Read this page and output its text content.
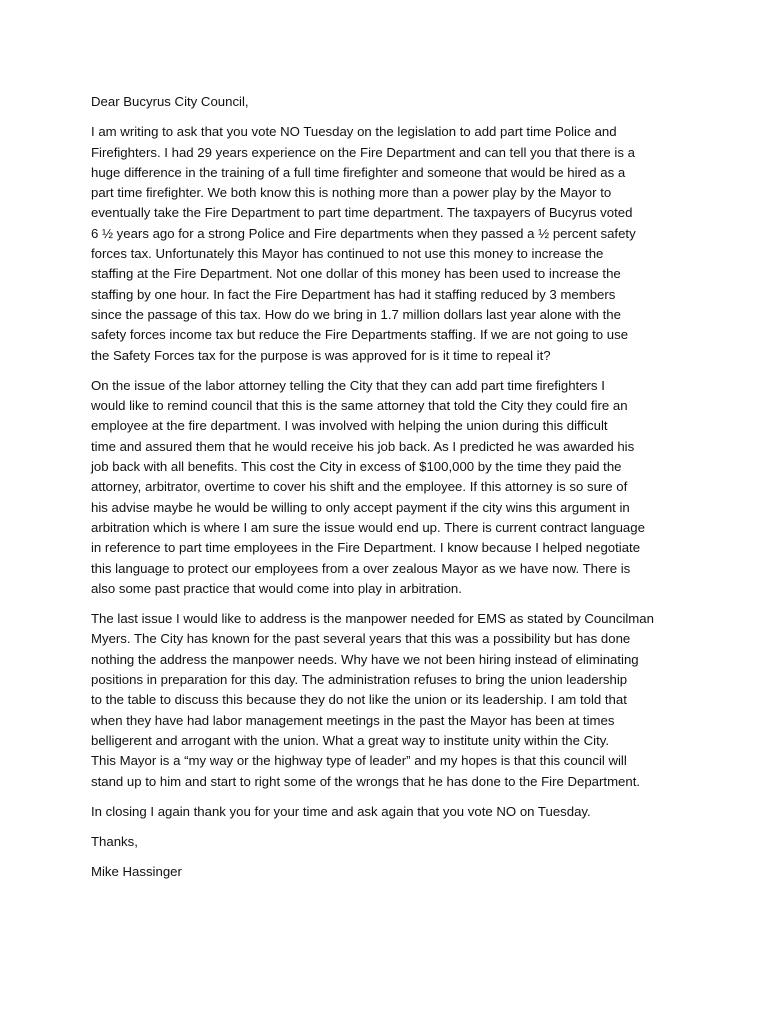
Dear Bucyrus City Council,

I am writing to ask that you vote NO Tuesday on the legislation to add part time Police and
Firefighters. I had 29 years experience on the Fire Department and can tell you that there is a
huge difference in the training of a full time firefighter and someone that would be hired as a
part time firefighter. We both know this is nothing more than a power play by the Mayor to
eventually take the Fire Department to part time department. The taxpayers of Bucyrus voted
6 ½ years ago for a strong Police and Fire departments when they passed a ½ percent safety
forces tax. Unfortunately this Mayor has continued to not use this money to increase the
staffing at the Fire Department. Not one dollar of this money has been used to increase the
staffing by one hour. In fact the Fire Department has had it staffing reduced by 3 members
since the passage of this tax. How do we bring in 1.7 million dollars last year alone with the
safety forces income tax but reduce the Fire Departments staffing. If we are not going to use
the Safety Forces tax for the purpose is was approved for is it time to repeal it?

On the issue of the labor attorney telling the City that they can add part time firefighters I
would like to remind council that this is the same attorney that told the City they could fire an
employee at the fire department. I was involved with helping the union during this difficult
time and assured them that he would receive his job back. As I predicted he was awarded his
job back with all benefits. This cost the City in excess of $100,000 by the time they paid the
attorney, arbitrator, overtime to cover his shift and the employee. If this attorney is so sure of
his advise maybe he would be willing to only accept payment if the city wins this argument in
arbitration which is where I am sure the issue would end up. There is current contract language
in reference to part time employees in the Fire Department. I know because I helped negotiate
this language to protect our employees from a over zealous Mayor as we have now. There is
also some past practice that would come into play in arbitration.

The last issue I would like to address is the manpower needed for EMS as stated by Councilman
Myers. The City has known for the past several years that this was a possibility but has done
nothing the address the manpower needs. Why have we not been hiring instead of eliminating
positions in preparation for this day. The administration refuses to bring the union leadership
to the table to discuss this because they do not like the union or its leadership. I am told that
when they have had labor management meetings in the past the Mayor has been at times
belligerent and arrogant with the union. What a great way to institute unity within the City.
This Mayor is a “my way or the highway type of leader” and my hopes is that this council will
stand up to him and start to right some of the wrongs that he has done to the Fire Department.

In closing I again thank you for your time and ask again that you vote NO on Tuesday.

Thanks,

Mike Hassinger
